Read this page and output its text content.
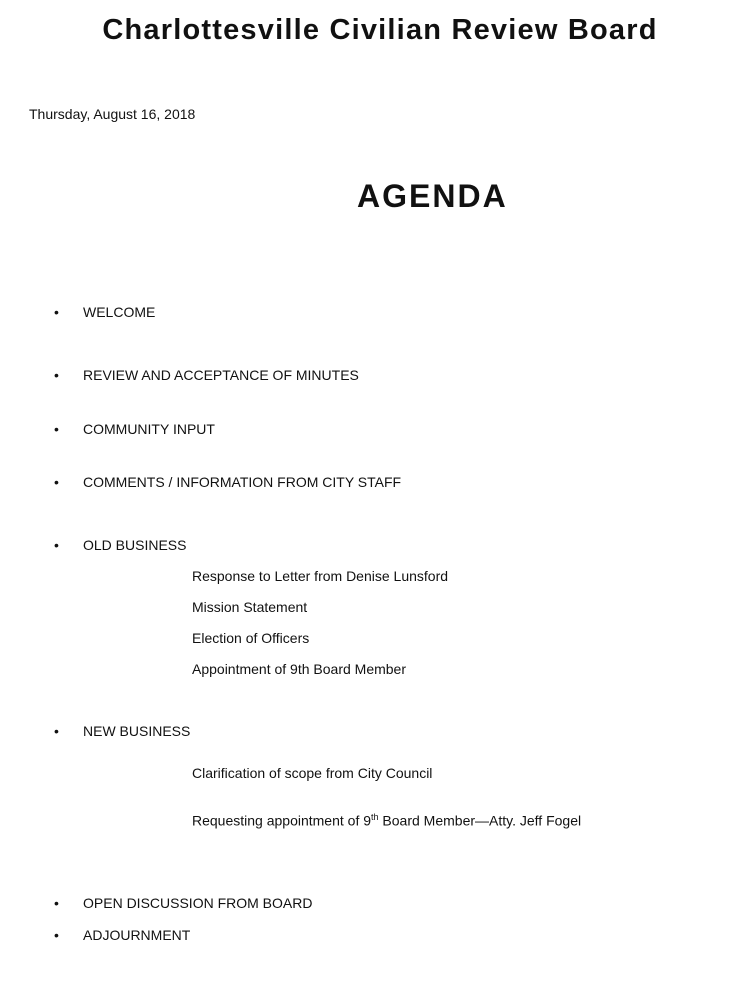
Charlottesville Civilian Review Board
Thursday, August 16, 2018
AGENDA
• WELCOME
• REVIEW AND ACCEPTANCE OF MINUTES
• COMMUNITY INPUT
• COMMENTS / INFORMATION FROM CITY STAFF
• OLD BUSINESS
Response to Letter from Denise Lunsford
Mission Statement
Election of Officers
Appointment of 9th Board Member
• NEW BUSINESS
Clarification of scope from City Council
Requesting appointment of 9th Board Member—Atty. Jeff Fogel
• OPEN DISCUSSION FROM BOARD
• ADJOURNMENT
